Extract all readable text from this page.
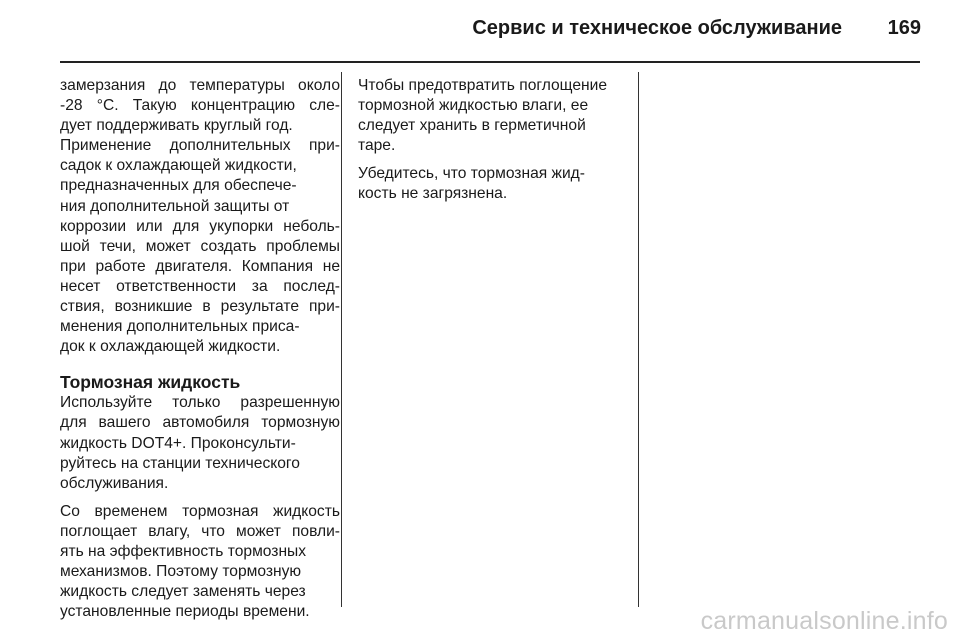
Сервис и техническое обслуживание 169
замерзания до температуры около
-28 °C. Такую концентрацию сле-
дует поддерживать круглый год.
Применение дополнительных при-
садок к охлаждающей жидкости,
предназначенных для обеспече-
ния дополнительной защиты от
коррозии или для укупорки неболь-
шой течи, может создать проблемы
при работе двигателя. Компания не
несет ответственности за послед-
ствия, возникшие в результате при-
менения дополнительных приса-
док к охлаждающей жидкости.
Тормозная жидкость
Используйте только разрешенную
для вашего автомобиля тормозную
жидкость DOT4+. Проконсульти-
руйтесь на станции технического
обслуживания.
Со временем тормозная жидкость
поглощает влагу, что может повли-
ять на эффективность тормозных
механизмов. Поэтому тормозную
жидкость следует заменять через
установленные периоды времени.
Чтобы предотвратить поглощение
тормозной жидкостью влаги, ее
следует хранить в герметичной
таре.
Убедитесь, что тормозная жид-
кость не загрязнена.
carmanualsonline.info
